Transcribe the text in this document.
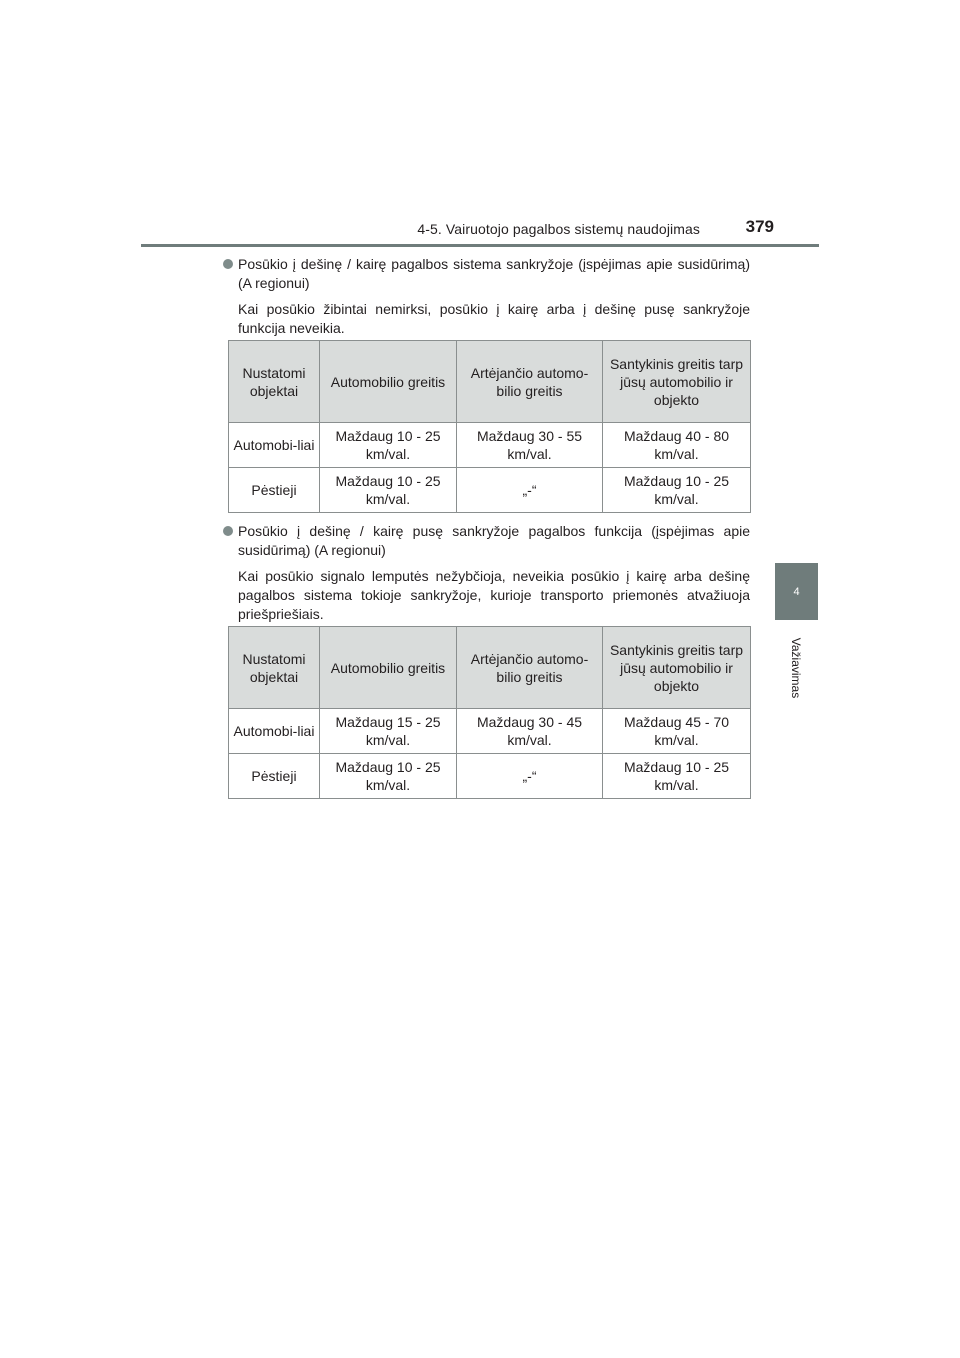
4-5. Vairuotojo pagalbos sistemų naudojimas	379
4
Važiavimas
Posūkio į dešinę / kairę pagalbos sistema sankryžoje (įspėjimas apie susidūrimą) (A regionui)
Kai posūkio žibintai nemirksi, posūkio į kairę arba į dešinę pusę sankryžoje funkcija neveikia.
Nustatomi objektai	Automobilio greitis	Artėjančio automo-bilio greitis	Santykinis greitis tarp jūsų automobilio ir objekto
Automobi-liai	Maždaug 10 - 25 km/val.	Maždaug 30 - 55 km/val.	Maždaug 40 - 80 km/val.
Pėstieji	Maždaug 10 - 25 km/val.	„-“	Maždaug 10 - 25 km/val.
Posūkio į dešinę / kairę pusę sankryžoje pagalbos funkcija (įspėjimas apie susidūrimą) (A regionui)
Kai posūkio signalo lemputės nežybčioja, neveikia posūkio į kairę arba dešinę pagalbos sistema tokioje sankryžoje, kurioje transporto priemonės atvažiuoja priešpriešiais.
Nustatomi objektai	Automobilio greitis	Artėjančio automo-bilio greitis	Santykinis greitis tarp jūsų automobilio ir objekto
Automobi-liai	Maždaug 15 - 25 km/val.	Maždaug 30 - 45 km/val.	Maždaug 45 - 70 km/val.
Pėstieji	Maždaug 10 - 25 km/val.	„-“	Maždaug 10 - 25 km/val.
